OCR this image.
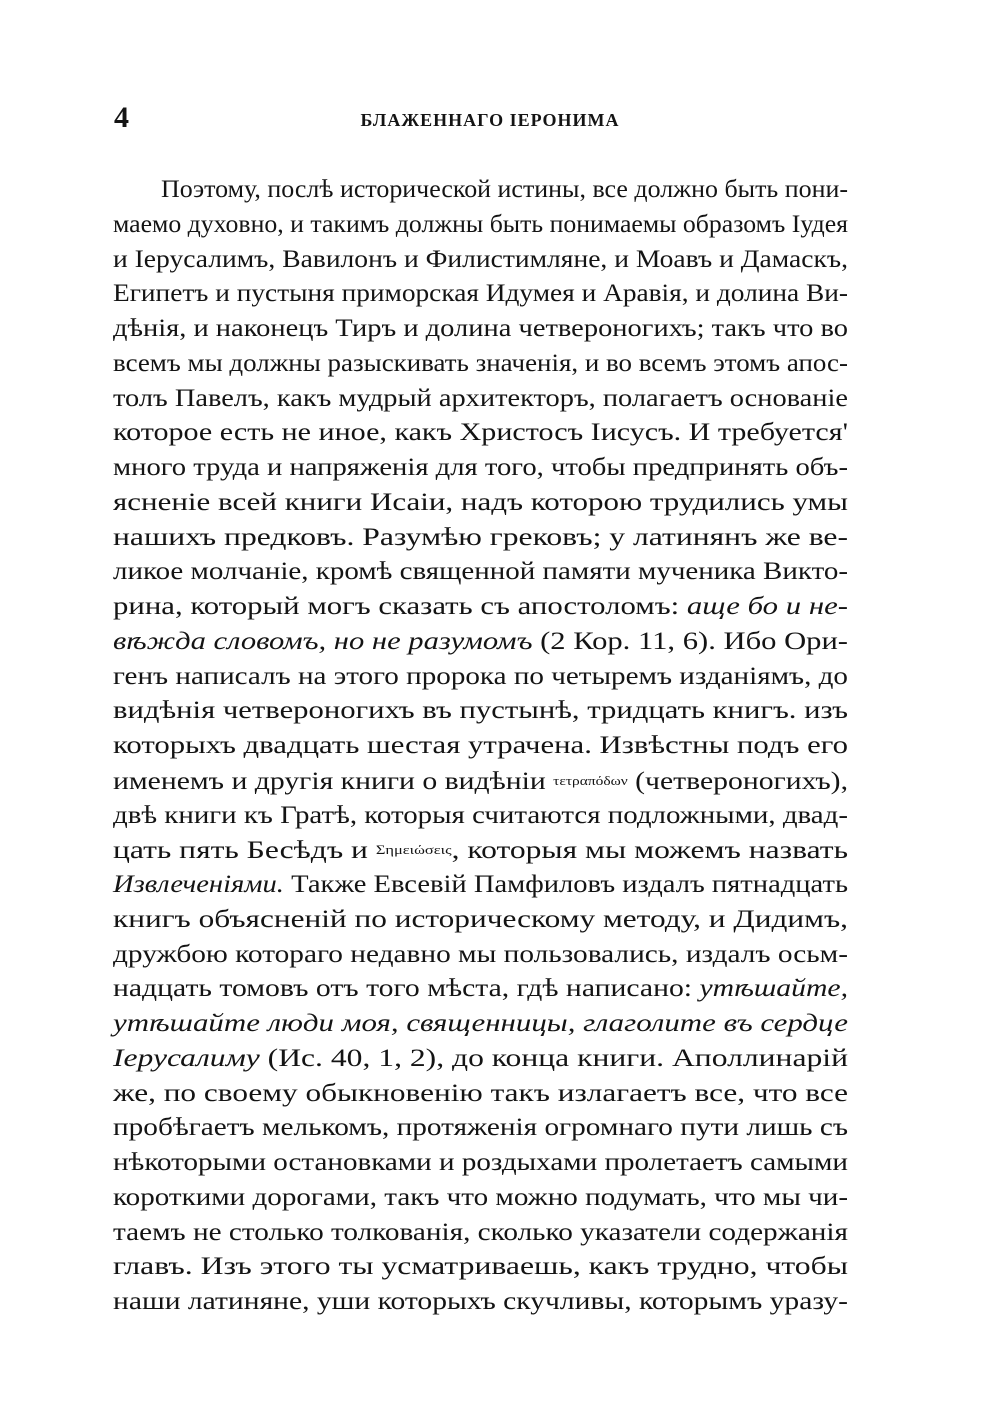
4	БЛАЖЕННАГО IЕРОНИМА
Поэтому, послѣ исторической истины, все должно быть пони-
маемо духовно, и такимъ должны быть понимаемы образомъ Iудея
и Iерусалимъ, Вавилонъ и Филистимляне, и Моавъ и Дамаскъ,
Египетъ и пустыня приморская Идумея и Аравія, и долина Ви-
дѣнія, и наконецъ Тиръ и долина четвероногихъ; такъ что во
всемъ мы должны разыскивать значенія, и во всемъ этомъ апос-
толъ Павелъ, какъ мудрый архитекторъ, полагаетъ основаніе
которое есть не иное, какъ Христосъ Iисусъ. И требуется'
много труда и напряженія для того, чтобы предпринять объ-
ясненіе всей книги Исаіи, надъ которою трудились умы
нашихъ предковъ. Разумѣю грековъ; у латинянъ же ве-
ликое молчаніе, кромѣ священной памяти мученика Викто-
рина, который могъ сказать съ апостоломъ: аще бо и не-
вѣжда словомъ, но не разумомъ (2 Кор. 11, 6). Ибо Ори-
генъ написалъ на этого пророка по четыремъ изданіямъ, до
видѣнія четвероногихъ въ пустынѣ, тридцать книгъ. изъ
которыхъ двадцать шестая утрачена. Извѣстны подъ его
именемъ и другія книги о видѣніи τετραπόδων (четвероногихъ),
двѣ книги къ Гратѣ, которыя считаются подложными, двад-
цать пять Бесѣдъ и Σημειώσεις, которыя мы можемъ назвать
Извлеченіями. Также Евсевій Памфиловъ издалъ пятнадцать
книгъ объясненій по историческому методу, и Дидимъ,
дружбою котораго недавно мы пользовались, издалъ осьм-
надцать томовъ отъ того мѣста, гдѣ написано: утѣшайте,
утѣшайте люди моя, священницы, глаголите въ сердце
Iерусалиму (Ис. 40, 1, 2), до конца книги. Аполлинарій
же, по своему обыкновенію такъ излагаетъ все, что все
пробѣгаетъ мелькомъ, протяженія огромнаго пути лишь съ
нѣкоторыми остановками и роздыхами пролетаетъ самыми
короткими дорогами, такъ что можно подумать, что мы чи-
таемъ не столько толкованія, сколько указатели содержанія
главъ. Изъ этого ты усматриваешь, какъ трудно, чтобы
наши латиняне, уши которыхъ скучливы, которымъ уразу-
